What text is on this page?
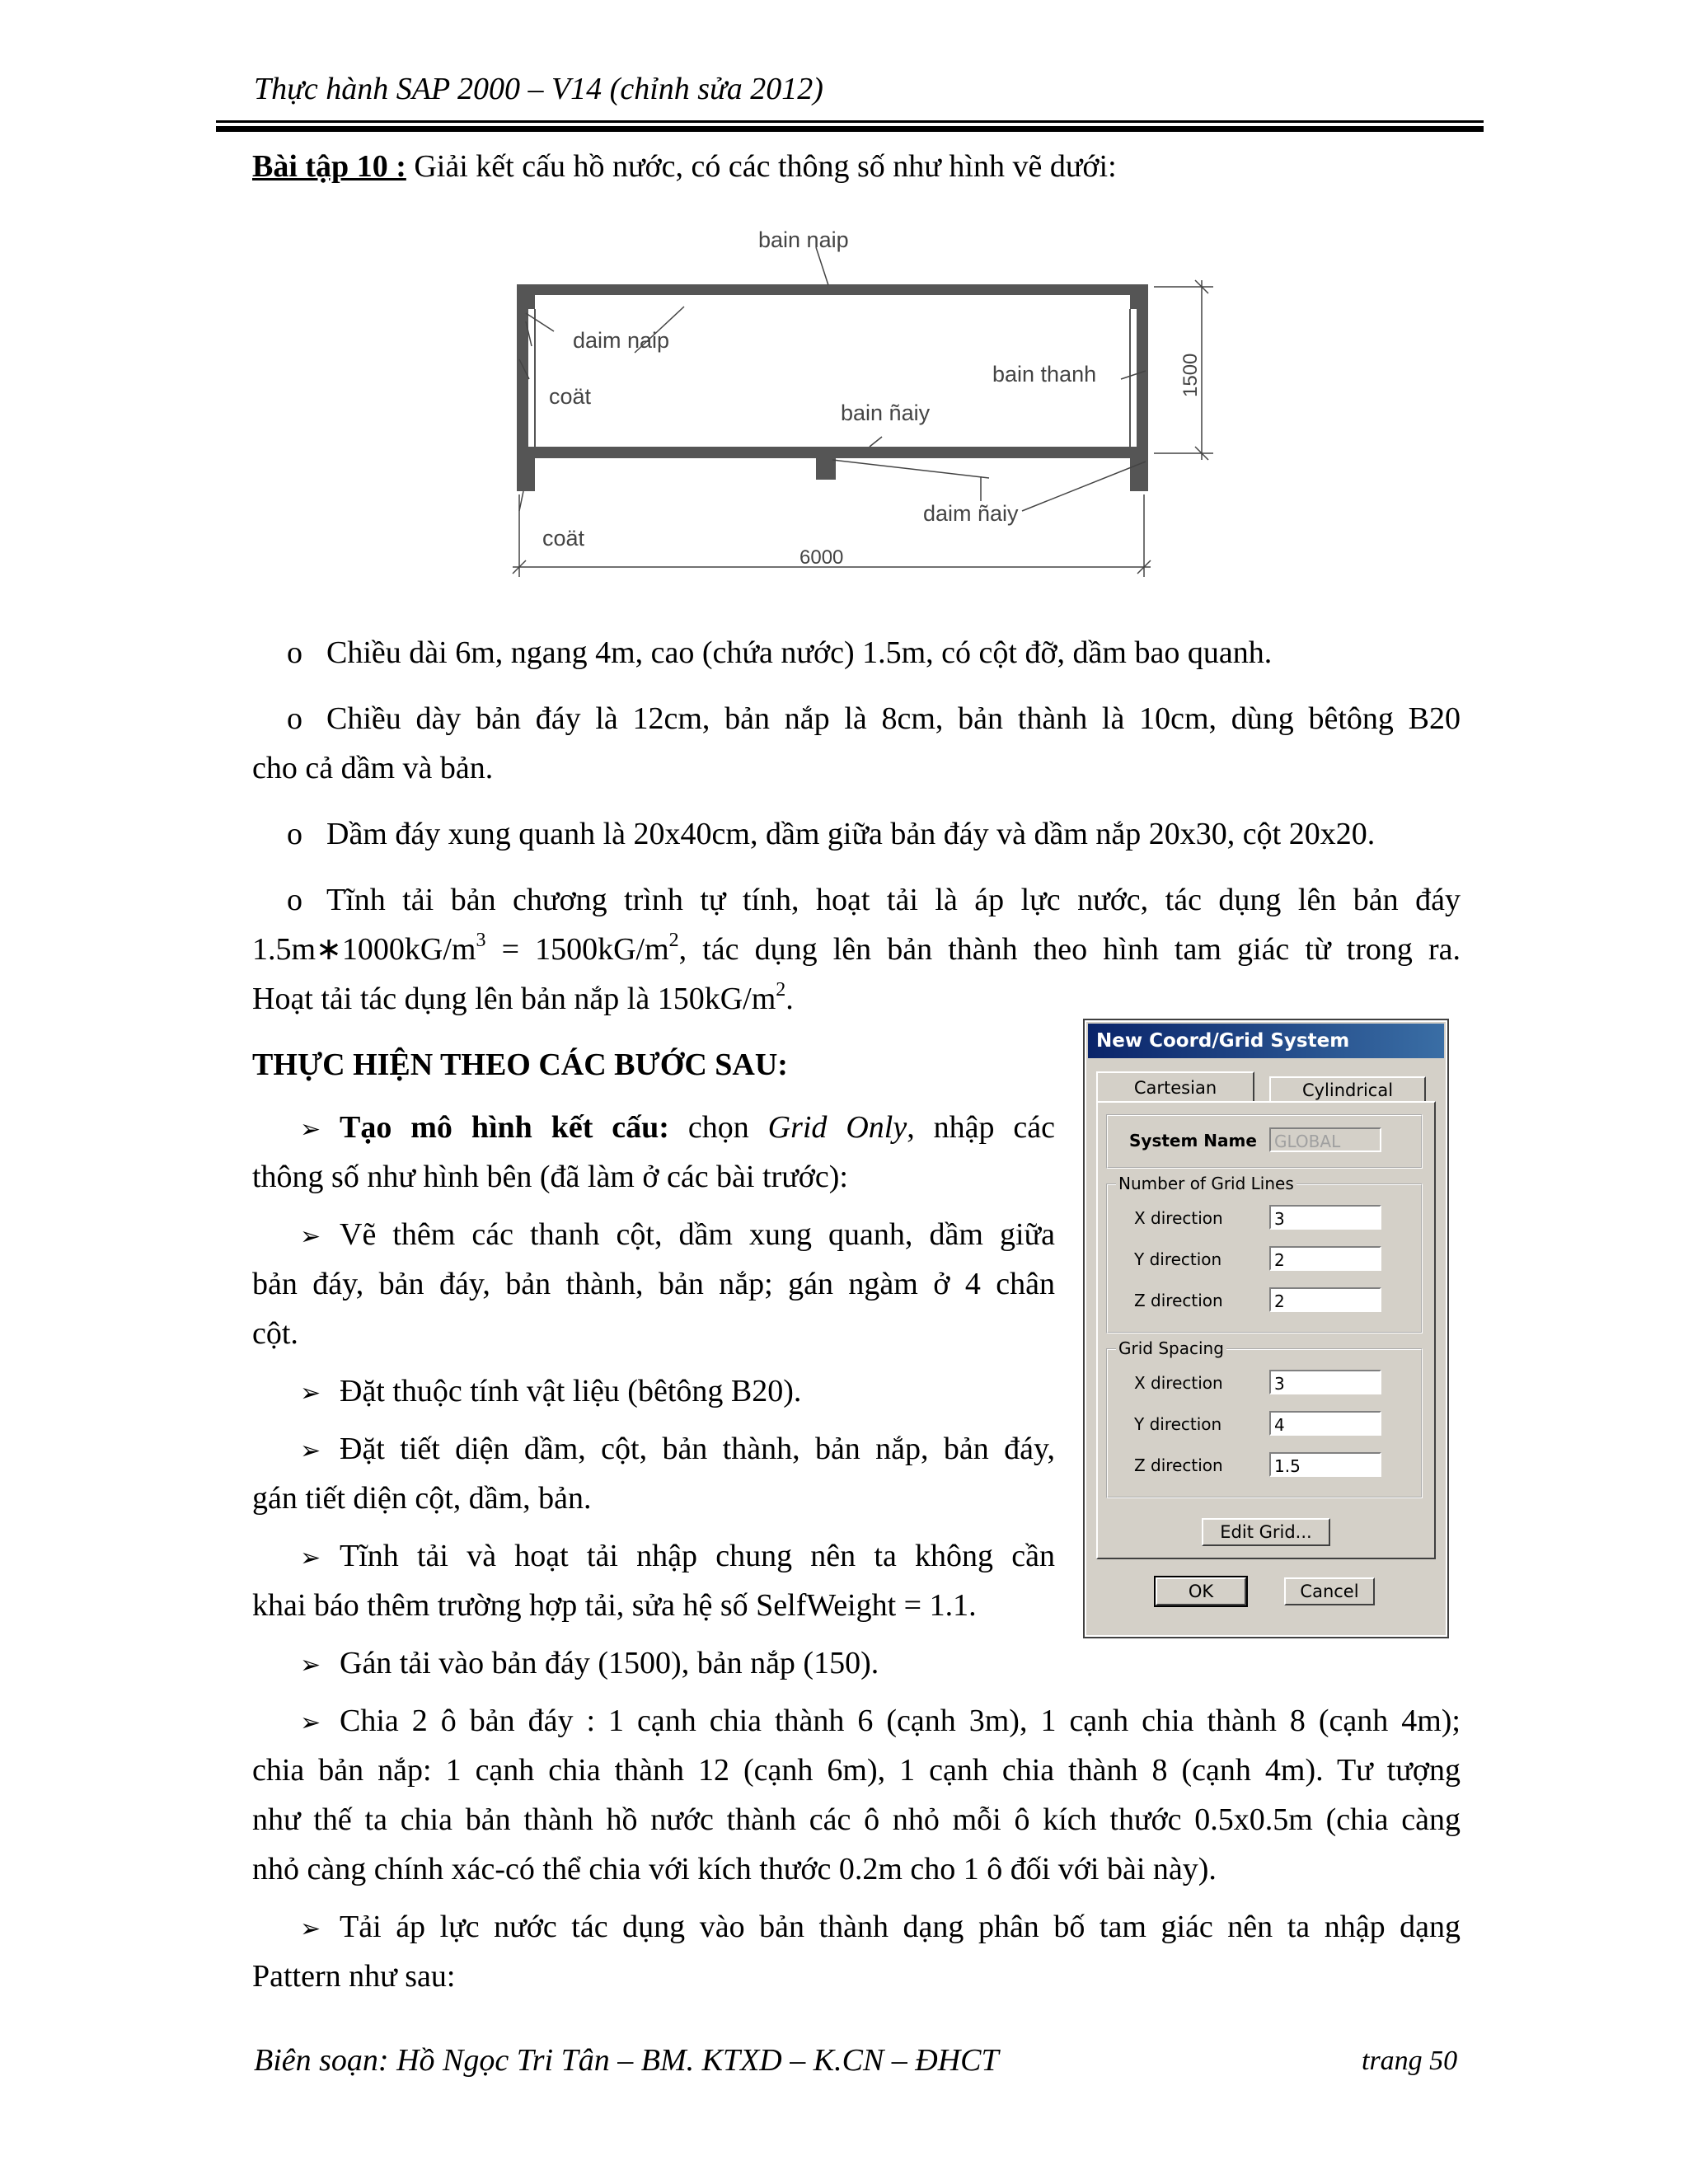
Thực hành SAP 2000 – V14 (chỉnh sửa 2012)
Bài tập 10 : Giải kết cấu hồ nước, có các thông số như hình vẽ dưới:
bain naip
daim naip
coät
bain thanh
bain ñaiy
daim ñaiy
coät
6000
1500
o Chiều dài 6m, ngang 4m, cao (chứa nước) 1.5m, có cột đỡ, dầm bao quanh.
o Chiều dày bản đáy là 12cm, bản nắp là 8cm, bản thành là 10cm, dùng bêtông B20
cho cả dầm và bản.
o Dầm đáy xung quanh là 20x40cm, dầm giữa bản đáy và dầm nắp 20x30, cột 20x20.
o Tĩnh tải bản chương trình tự tính, hoạt tải là áp lực nước, tác dụng lên bản đáy
$1.5m∗1000kG/m^3 = 1500kG/m^2$, tác dụng lên bản thành theo hình tam giác từ trong ra.
Hoạt tải tác dụng lên bản nắp là $150kG/m^2$.
THỰC HIỆN THEO CÁC BƯỚC SAU:
➢ Tạo mô hình kết cấu: chọn Grid Only, nhập các
thông số như hình bên (đã làm ở các bài trước):
➢ Vẽ thêm các thanh cột, dầm xung quanh, dầm giữa
bản đáy, bản đáy, bản thành, bản nắp; gán ngàm ở 4 chân
cột.
➢ Đặt thuộc tính vật liệu (bêtông B20).
➢ Đặt tiết diện dầm, cột, bản thành, bản nắp, bản đáy,
gán tiết diện cột, dầm, bản.
➢ Tĩnh tải và hoạt tải nhập chung nên ta không cần
khai báo thêm trường hợp tải, sửa hệ số SelfWeight = 1.1.
➢ Gán tải vào bản đáy (1500), bản nắp (150).
➢ Chia 2 ô bản đáy : 1 cạnh chia thành 6 (cạnh 3m), 1 cạnh chia thành 8 (cạnh 4m);
chia bản nắp: 1 cạnh chia thành 12 (cạnh 6m), 1 cạnh chia thành 8 (cạnh 4m). Tư tượng
như thế ta chia bản thành hồ nước thành các ô nhỏ mỗi ô kích thước 0.5x0.5m (chia càng
nhỏ càng chính xác-có thể chia với kích thước 0.2m cho 1 ô đối với bài này).
➢ Tải áp lực nước tác dụng vào bản thành dạng phân bố tam giác nên ta nhập dạng
Pattern như sau:
New Coord/Grid System
Cartesian	Cylindrical
System Name	GLOBAL
Number of Grid Lines
X direction	3
Y direction	2
Z direction	2
Grid Spacing
X direction	3
Y direction	4
Z direction	1.5
Edit Grid...
OK	Cancel
Biên soạn: Hồ Ngọc Tri Tân – BM. KTXD – K.CN – ĐHCT	trang 50
